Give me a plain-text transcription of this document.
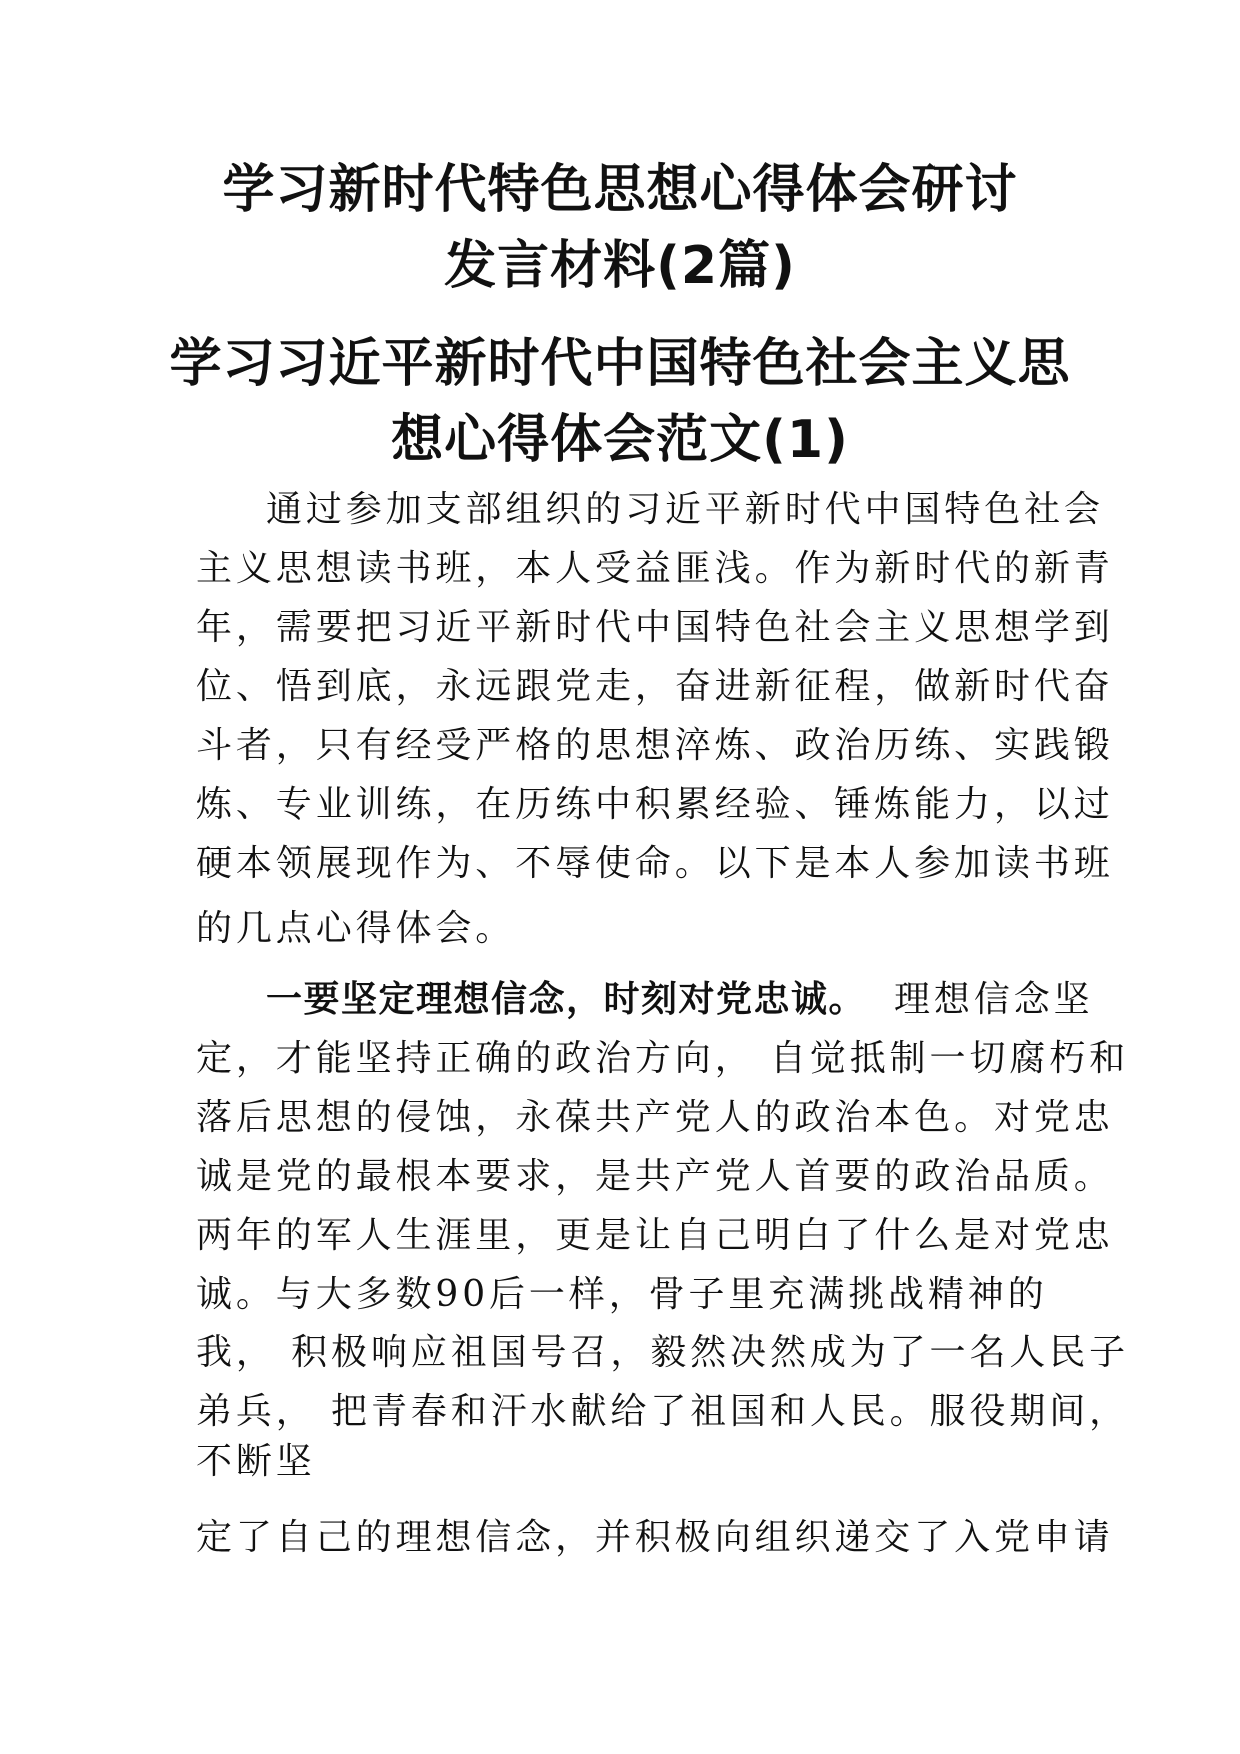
学习新时代特色思想心得体会研讨
发言材料(2篇)
学习习近平新时代中国特色社会主义思
想心得体会范文(1)

通过参加支部组织的习近平新时代中国特色社会

主义思想读书班，本人受益匪浅。作为新时代的新青

年，需要把习近平新时代中国特色社会主义思想学到

位、悟到底，永远跟党走，奋进新征程，做新时代奋

斗者，只有经受严格的思想淬炼、政治历练、实践锻

炼、专业训练，在历练中积累经验、锤炼能力，以过

硬本领展现作为、不辱使命。以下是本人参加读书班

的几点心得体会。

一要坚定理想信念，时刻对党忠诚。 理想信念坚

定，才能坚持正确的政治方向， 自觉抵制一切腐朽和

落后思想的侵蚀，永葆共产党人的政治本色。对党忠

诚是党的最根本要求，是共产党人首要的政治品质。

两年的军人生涯里，更是让自己明白了什么是对党忠

诚。与大多数90后一样，骨子里充满挑战精神的

我， 积极响应祖国号召，毅然决然成为了一名人民子

弟兵， 把青春和汗水献给了祖国和人民。服役期间，

不断坚

定了自己的理想信念，并积极向组织递交了入党申请
